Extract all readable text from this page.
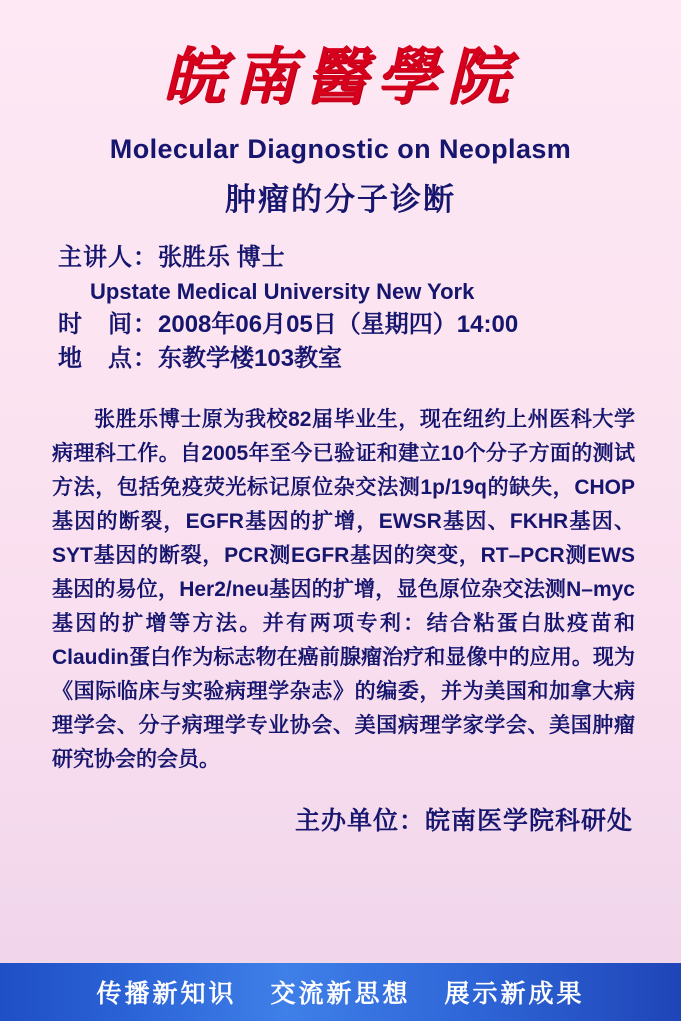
皖南醫學院
Molecular Diagnostic on Neoplasm
肿瘤的分子诊断
主讲人：张胜乐 博士
Upstate Medical University New York
时　间：2008年06月05日（星期四）14:00
地　点：东教学楼103教室
张胜乐博士原为我校82届毕业生，现在纽约上州医科大学病理科工作。自2005年至今已验证和建立10个分子方面的测试方法，包括免疫荧光标记原位杂交法测1p/19q的缺失，CHOP基因的断裂，EGFR基因的扩增，EWSR基因、FKHR基因、SYT基因的断裂，PCR测EGFR基因的突变，RT–PCR测EWS基因的易位，Her2/neu基因的扩增，显色原位杂交法测N–myc基因的扩增等方法。并有两项专利：结合粘蛋白肽疫苗和Claudin蛋白作为标志物在癌前腺瘤治疗和显像中的应用。现为《国际临床与实验病理学杂志》的编委，并为美国和加拿大病理学会、分子病理学专业协会、美国病理学家学会、美国肿瘤研究协会的会员。
主办单位：皖南医学院科研处
传播新知识 交流新思想 展示新成果
